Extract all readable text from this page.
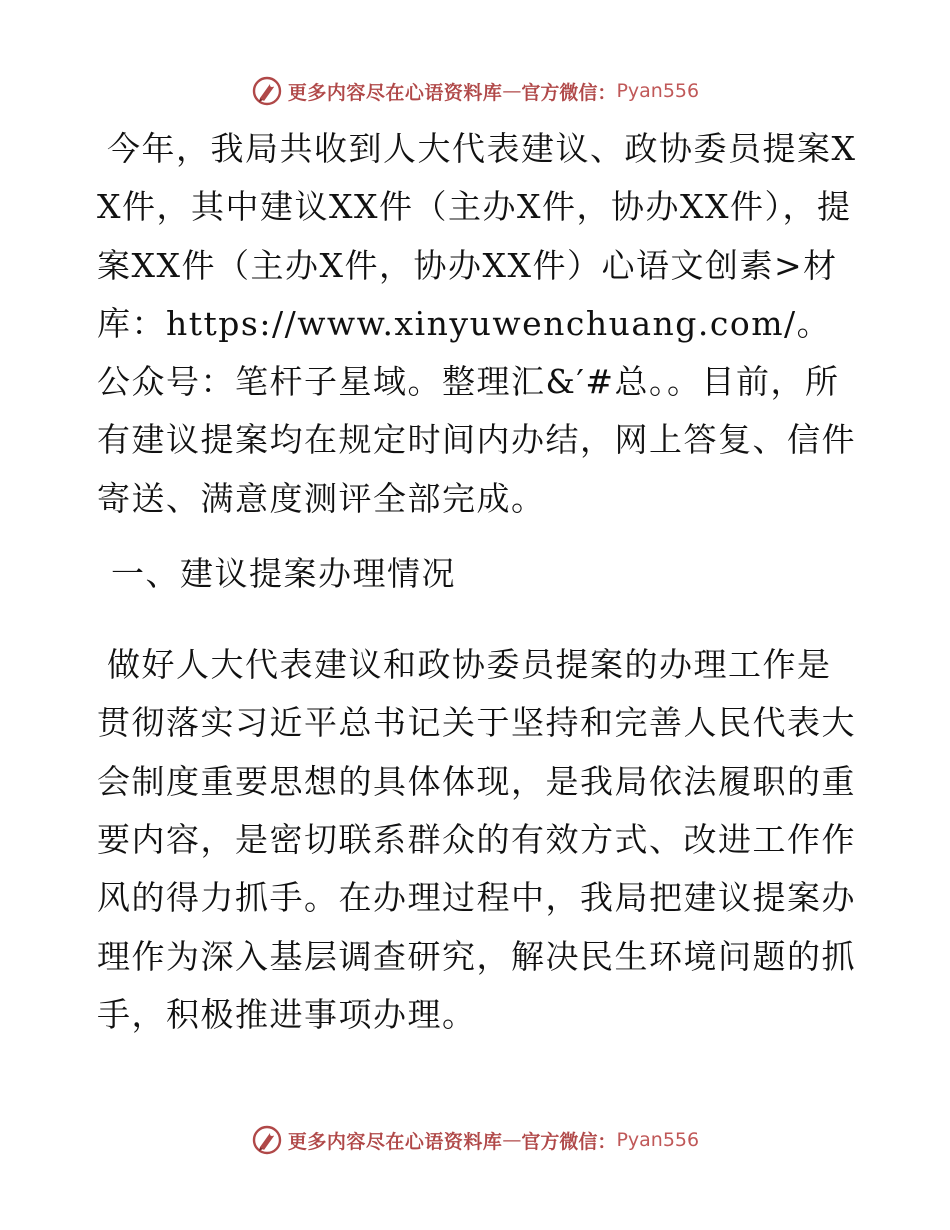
更多内容尽在心语资料库 — 官方微信： Pyan556

今年，我局共收到人大代表建议、政协委员提案XX件，其中建议XX件（主办X件，协办XX件），提案XX件（主办X件，协办XX件）心语文创素>材库：https://www.xinyuwenchuang.com/。公众号：笔杆子星域。整理汇&′#总。。目前，所有建议提案均在规定时间内办结，网上答复、信件寄送、满意度测评全部完成。

一、建议提案办理情况

做好人大代表建议和政协委员提案的办理工作是贯彻落实习近平总书记关于坚持和完善人民代表大会制度重要思想的具体体现，是我局依法履职的重要内容，是密切联系群众的有效方式、改进工作作风的得力抓手。在办理过程中，我局把建议提案办理作为深入基层调查研究，解决民生环境问题的抓手，积极推进事项办理。

更多内容尽在心语资料库 — 官方微信： Pyan556
